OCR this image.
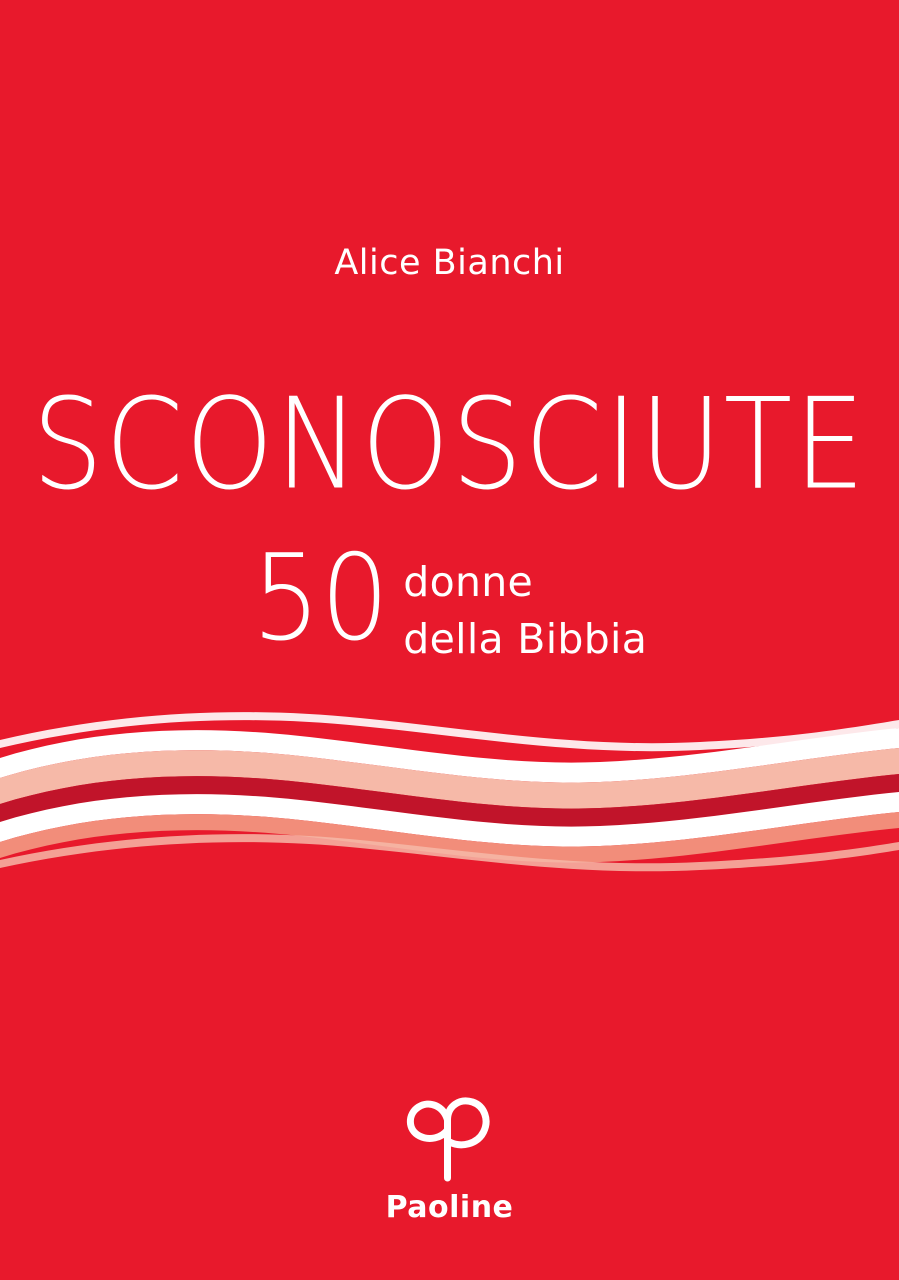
Alice Bianchi
SCONOSCIUTE
50 donne
della Bibbia
Paoline
